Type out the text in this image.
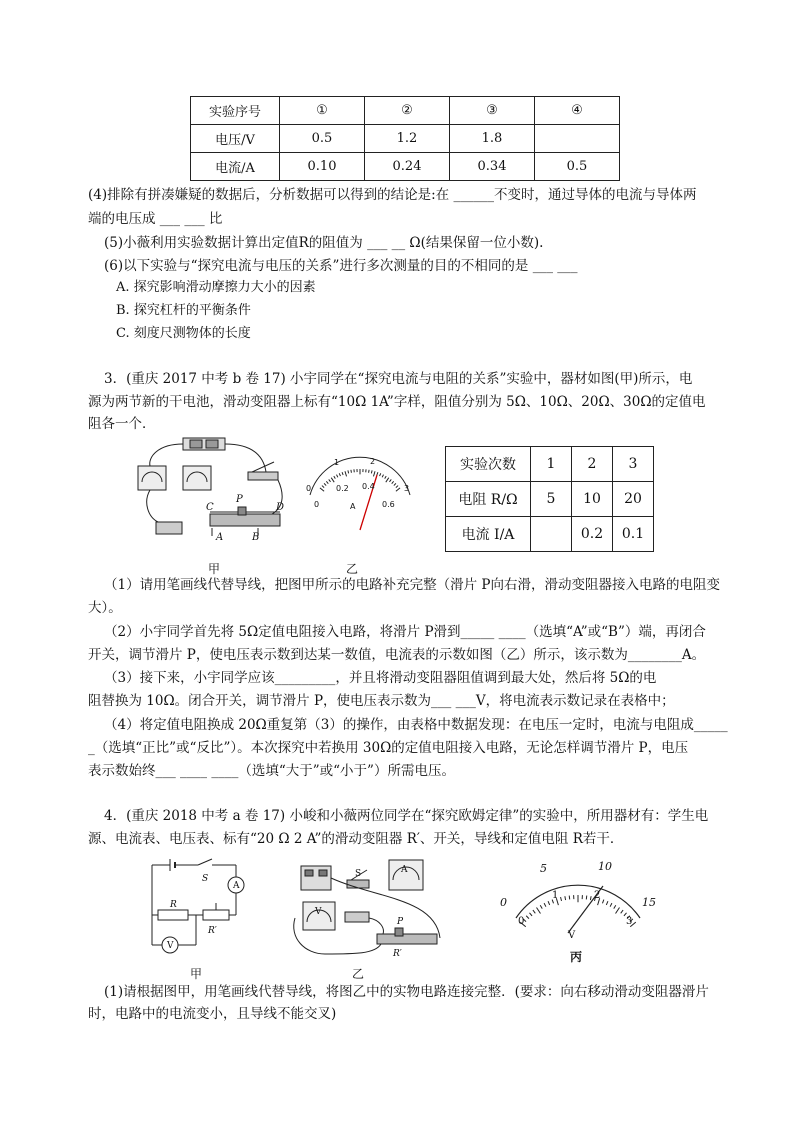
实验序号	①	②	③	④
电压/V	0.5	1.2	1.8	
电流/A	0.10	0.24	0.34	0.5
(4)排除有拼凑嫌疑的数据后，分析数据可以得到的结论是:在 ______不变时，通过导体的电流与导体两
端的电压成 ___ ___ 比
(5)小薇利用实验数据计算出定值R的阻值为 ___ __ Ω(结果保留一位小数).
(6)以下实验与“探究电流与电压的关系”进行多次测量的目的不相同的是 ___ ___
A. 探究影响滑动摩擦力大小的因素
B. 探究杠杆的平衡条件
C. 刻度尺测物体的长度
3．(重庆 2017 中考 b 卷 17) 小宇同学在“探究电流与电阻的关系”实验中，器材如图(甲)所示，电
源为两节新的干电池，滑动变阻器上标有“10Ω 1A”字样，阻值分别为 5Ω、10Ω、20Ω、30Ω的定值电
阻各一个．
C
P
D
A	B
甲
0
1	2
3
0
0.2 0.4
0.6
A
乙
实验次数	1	2	3
电阻 R/Ω	5	10	20
电流 I/A		0.2	0.1
（1）请用笔画线代替导线，把图甲所示的电路补充完整（滑片 P向右滑，滑动变阻器接入电路的电阻变
大）。
（2）小宇同学首先将 5Ω定值电阻接入电路，将滑片 P滑到_____ ____（选填“A”或“B”）端，再闭合
开关，调节滑片 P，使电压表示数到达某一数值，电流表的示数如图（乙）所示，该示数为________A。
（3）接下来，小宇同学应该_________，并且将滑动变阻器阻值调到最大处，然后将 5Ω的电
阻替换为 10Ω。闭合开关，调节滑片 P，使电压表示数为___ ___V，将电流表示数记录在表格中；
（4）将定值电阻换成 20Ω重复第（3）的操作，由表格中数据发现：在电压一定时，电流与电阻成_____
_（选填“正比”或“反比”）。本次探究中若换用 30Ω的定值电阻接入电路，无论怎样调节滑片 P，电压
表示数始终___ ____ ____（选填“大于”或“小于”）所需电压。
4．(重庆 2018 中考 a 卷 17) 小峻和小薇两位同学在“探究欧姆定律”的实验中，所用器材有：学生电
源、电流表、电压表、标有“20 Ω 2 A”的滑动变阻器 R′、开关，导线和定值电阻 R若干．
S
A
R
R′
V
甲
S	A
V
P
R′
乙
0
5	10
15
0
1	2
3
V
丙
(1)请根据图甲，用笔画线代替导线，将图乙中的实物电路连接完整．(要求：向右移动滑动变阻器滑片
时，电路中的电流变小，且导线不能交叉)
